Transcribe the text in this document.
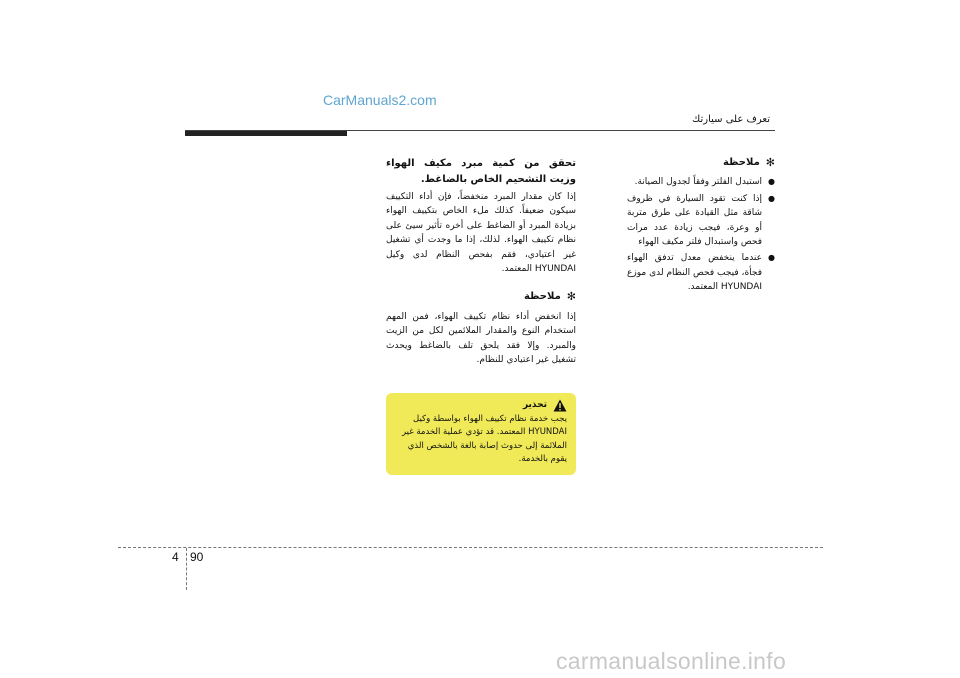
CarManuals2.com
تعرف على سيارتك
✻
ملاحظة
●
استبدل الفلتر وفقاً لجدول الصيانة.
●
إذا كنت تقود السيارة في ظروف شاقة مثل القيادة على طرق متربة أو وعرة، فيجب زيادة عدد مرات فحص واستبدال فلتر مكيف الهواء
●
عندما ينخفض معدل تدفق الهواء فجأة، فيجب فحص النظام لدى موزع HYUNDAI المعتمد.
تحقق من كمية مبرد مكيف الهواء وزيت التشحيم الخاص بالضاغط.

إذا كان مقدار المبرد منخفضاً، فإن أداء التكييف سيكون ضعيفاً. كذلك ملء الخاص بتكييف الهواء بزيادة المبرد أو الضاغط على أخره تأثير سيئ على نظام تكييف الهواء. لذلك، إذا ما وجدت أي تشغيل غير اعتيادي، فقم بفحص النظام لدى وكيل HYUNDAI المعتمد.

✻
ملاحظة

إذا انخفض أداء نظام تكييف الهواء، فمن المهم استخدام النوع والمقدار الملائمين لكل من الزيت والمبرد. وإلا فقد يلحق تلف بالضاغط ويحدث تشغيل غير اعتيادي للنظام.

تحذير
يجب خدمة نظام تكييف الهواء بواسطة وكيل HYUNDAI المعتمد. قد تؤدي عملية الخدمة غير الملائمة إلى حدوث إصابة بالغة بالشخص الذي يقوم بالخدمة.
4 90
carmanualsonline.info
